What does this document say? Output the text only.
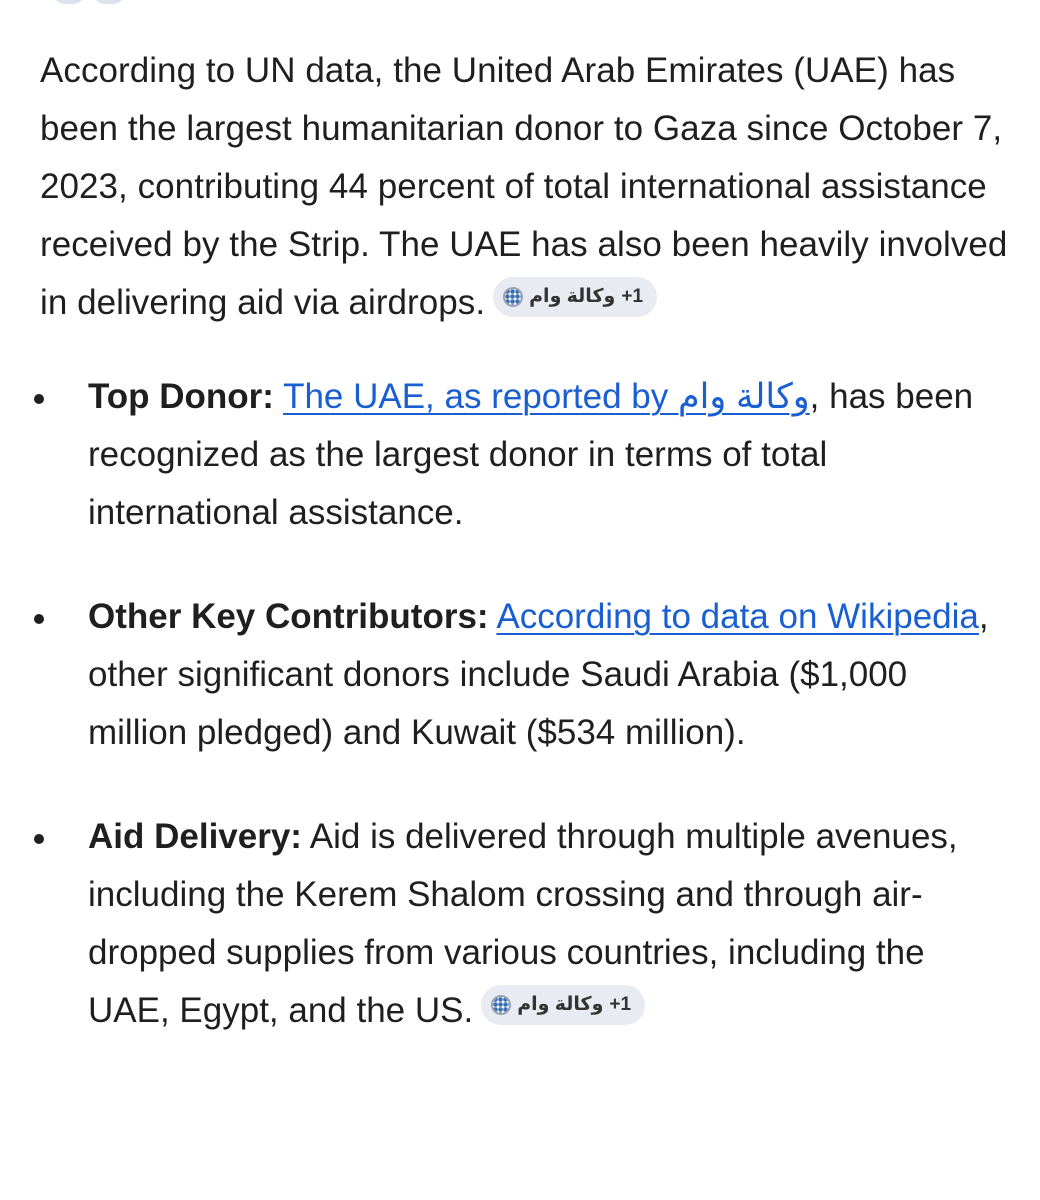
According to UN data, the United Arab Emirates (UAE) has been the largest humanitarian donor to Gaza since October 7, 2023, contributing 44 percent of total international assistance received by the Strip. The UAE has also been heavily involved in delivering aid via airdrops. وكالة وام +1

Top Donor: The UAE, as reported by وكالة وام, has been recognized as the largest donor in terms of total international assistance.
Other Key Contributors: According to data on Wikipedia, other significant donors include Saudi Arabia ($1,000 million pledged) and Kuwait ($534 million).
Aid Delivery: Aid is delivered through multiple avenues, including the Kerem Shalom crossing and through air-dropped supplies from various countries, including the UAE, Egypt, and the US. وكالة وام +1
